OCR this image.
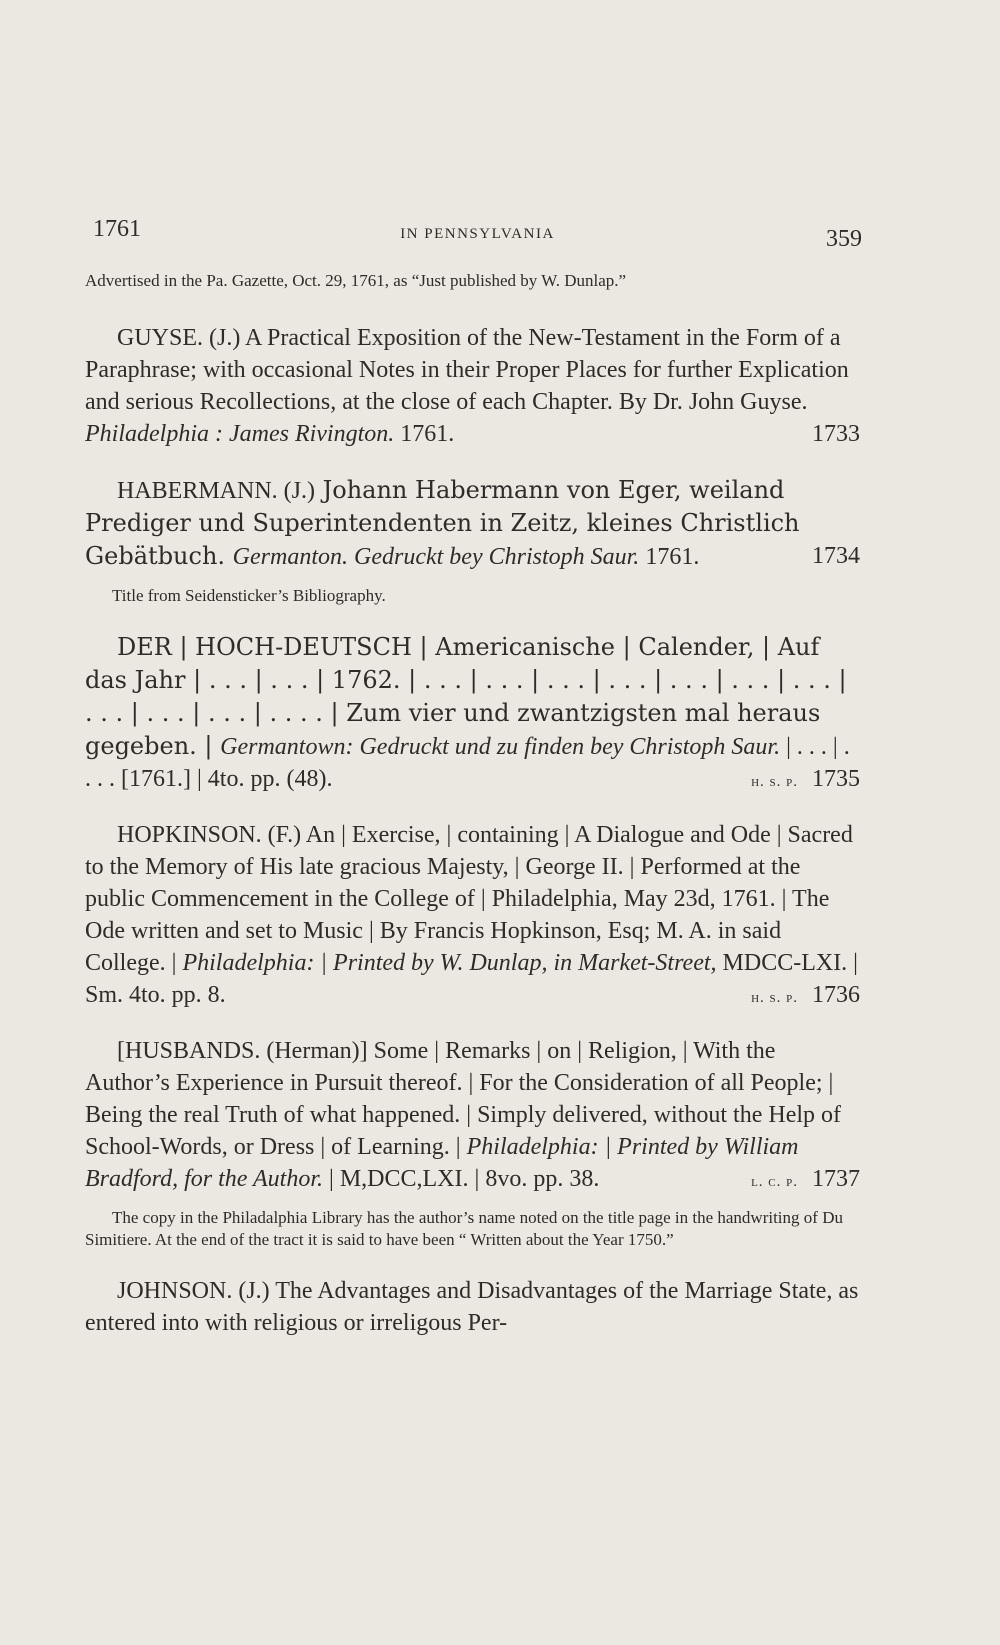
1761	IN PENNSYLVANIA	359

Advertised in the Pa. Gazette, Oct. 29, 1761, as “Just published by W. Dunlap.”

GUYSE. (J.) A Practical Exposition of the New-Testament in the Form of a Paraphrase; with occasional Notes in their Proper Places for further Explication and serious Recollections, at the close of each Chapter. By Dr. John Guyse. Philadelphia : James Rivington. 1761.	1733

HABERMANN. (J.) Johann Habermann von Eger, weiland Prediger und Superintendenten in Zeitz, kleines Christlich Gebätbuch. Germanton. Gedruckt bey Christoph Saur. 1761.	1734

Title from Seidensticker’s Bibliography.

DER | HOCH-DEUTSCH | Americanische | Calender, | Auf das Jahr | . . . | . . . | 1762. | . . . | . . . | . . . | . . . | . . . | . . . | . . . | . . . | . . . | . . . | . . . . | Zum vier und zwantzigsten mal heraus gegeben. | Germantown: Gedruckt und zu finden bey Christoph Saur. | . . . | . . . . [1761.] | 4to. pp. (48).	h. s. p. 1735

HOPKINSON. (F.) An | Exercise, | containing | A Dialogue and Ode | Sacred to the Memory of His late gracious Majesty, | George II. | Performed at the public Commencement in the College of | Philadelphia, May 23d, 1761. | The Ode written and set to Music | By Francis Hopkinson, Esq; M. A. in said College. | Philadelphia: | Printed by W. Dunlap, in Market-Street, MDCC-LXI. | Sm. 4to. pp. 8.	h. s. p. 1736

[HUSBANDS. (Herman)] Some | Remarks | on | Religion, | With the Author’s Experience in Pursuit thereof. | For the Consideration of all People; | Being the real Truth of what happened. | Simply delivered, without the Help of School-Words, or Dress | of Learning. | Philadelphia: | Printed by William Bradford, for the Author. | M,DCC,LXI. | 8vo. pp. 38.	l. c. p. 1737

The copy in the Philadalphia Library has the author’s name noted on the title page in the handwriting of Du Simitiere. At the end of the tract it is said to have been “ Written about the Year 1750.”

JOHNSON. (J.) The Advantages and Disadvantages of the Marriage State, as entered into with religious or irreligous Per-
